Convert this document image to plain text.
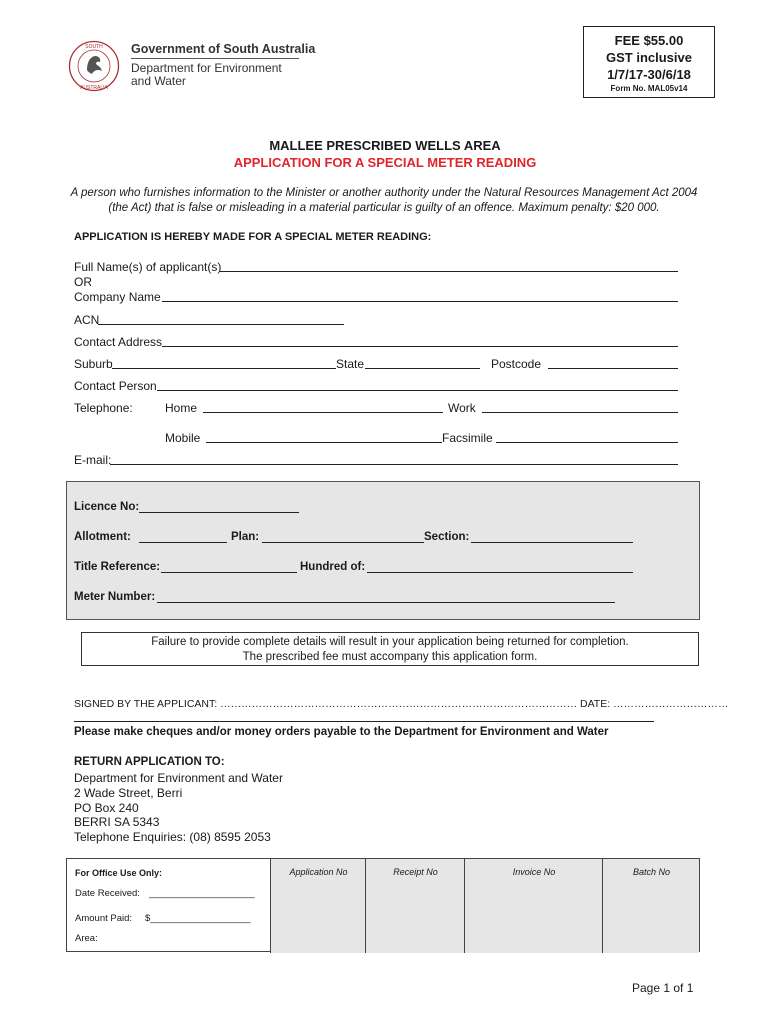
SOUTH
AUSTRALIA
Government of South Australia
Department for Environment and Water
FEE $55.00
GST inclusive
1/7/17-30/6/18
Form No. MAL05v14
MALLEE PRESCRIBED WELLS AREA
APPLICATION FOR A SPECIAL METER READING
A person who furnishes information to the Minister or another authority under the Natural Resources Management Act 2004 (the Act) that is false or misleading in a material particular is guilty of an offence. Maximum penalty: $20 000.
APPLICATION IS HEREBY MADE FOR A SPECIAL METER READING:
Full Name(s) of applicant(s)
OR
Company Name
ACN
Contact Address
Suburb	State	Postcode
Contact Person
Telephone:	Home	Work
Mobile	Facsimile
E-mail:
Licence No:
Allotment:	Plan:	Section:
Title Reference:	Hundred of:
Meter Number:
Failure to provide complete details will result in your application being returned for completion.
The prescribed fee must accompany this application form.
SIGNED BY THE APPLICANT: ………………………………………………………………………………………… DATE: ……………………………
Please make cheques and/or money orders payable to the Department for Environment and Water
RETURN APPLICATION TO:
Department for Environment and Water
2 Wade Street, Berri
PO Box 240
BERRI SA 5343
Telephone Enquiries: (08) 8595 2053
For Office Use Only:
Date Received: ____________________
Amount Paid: $___________________
Area:
Application No	Receipt No	Invoice No	Batch No
Page 1 of 1
